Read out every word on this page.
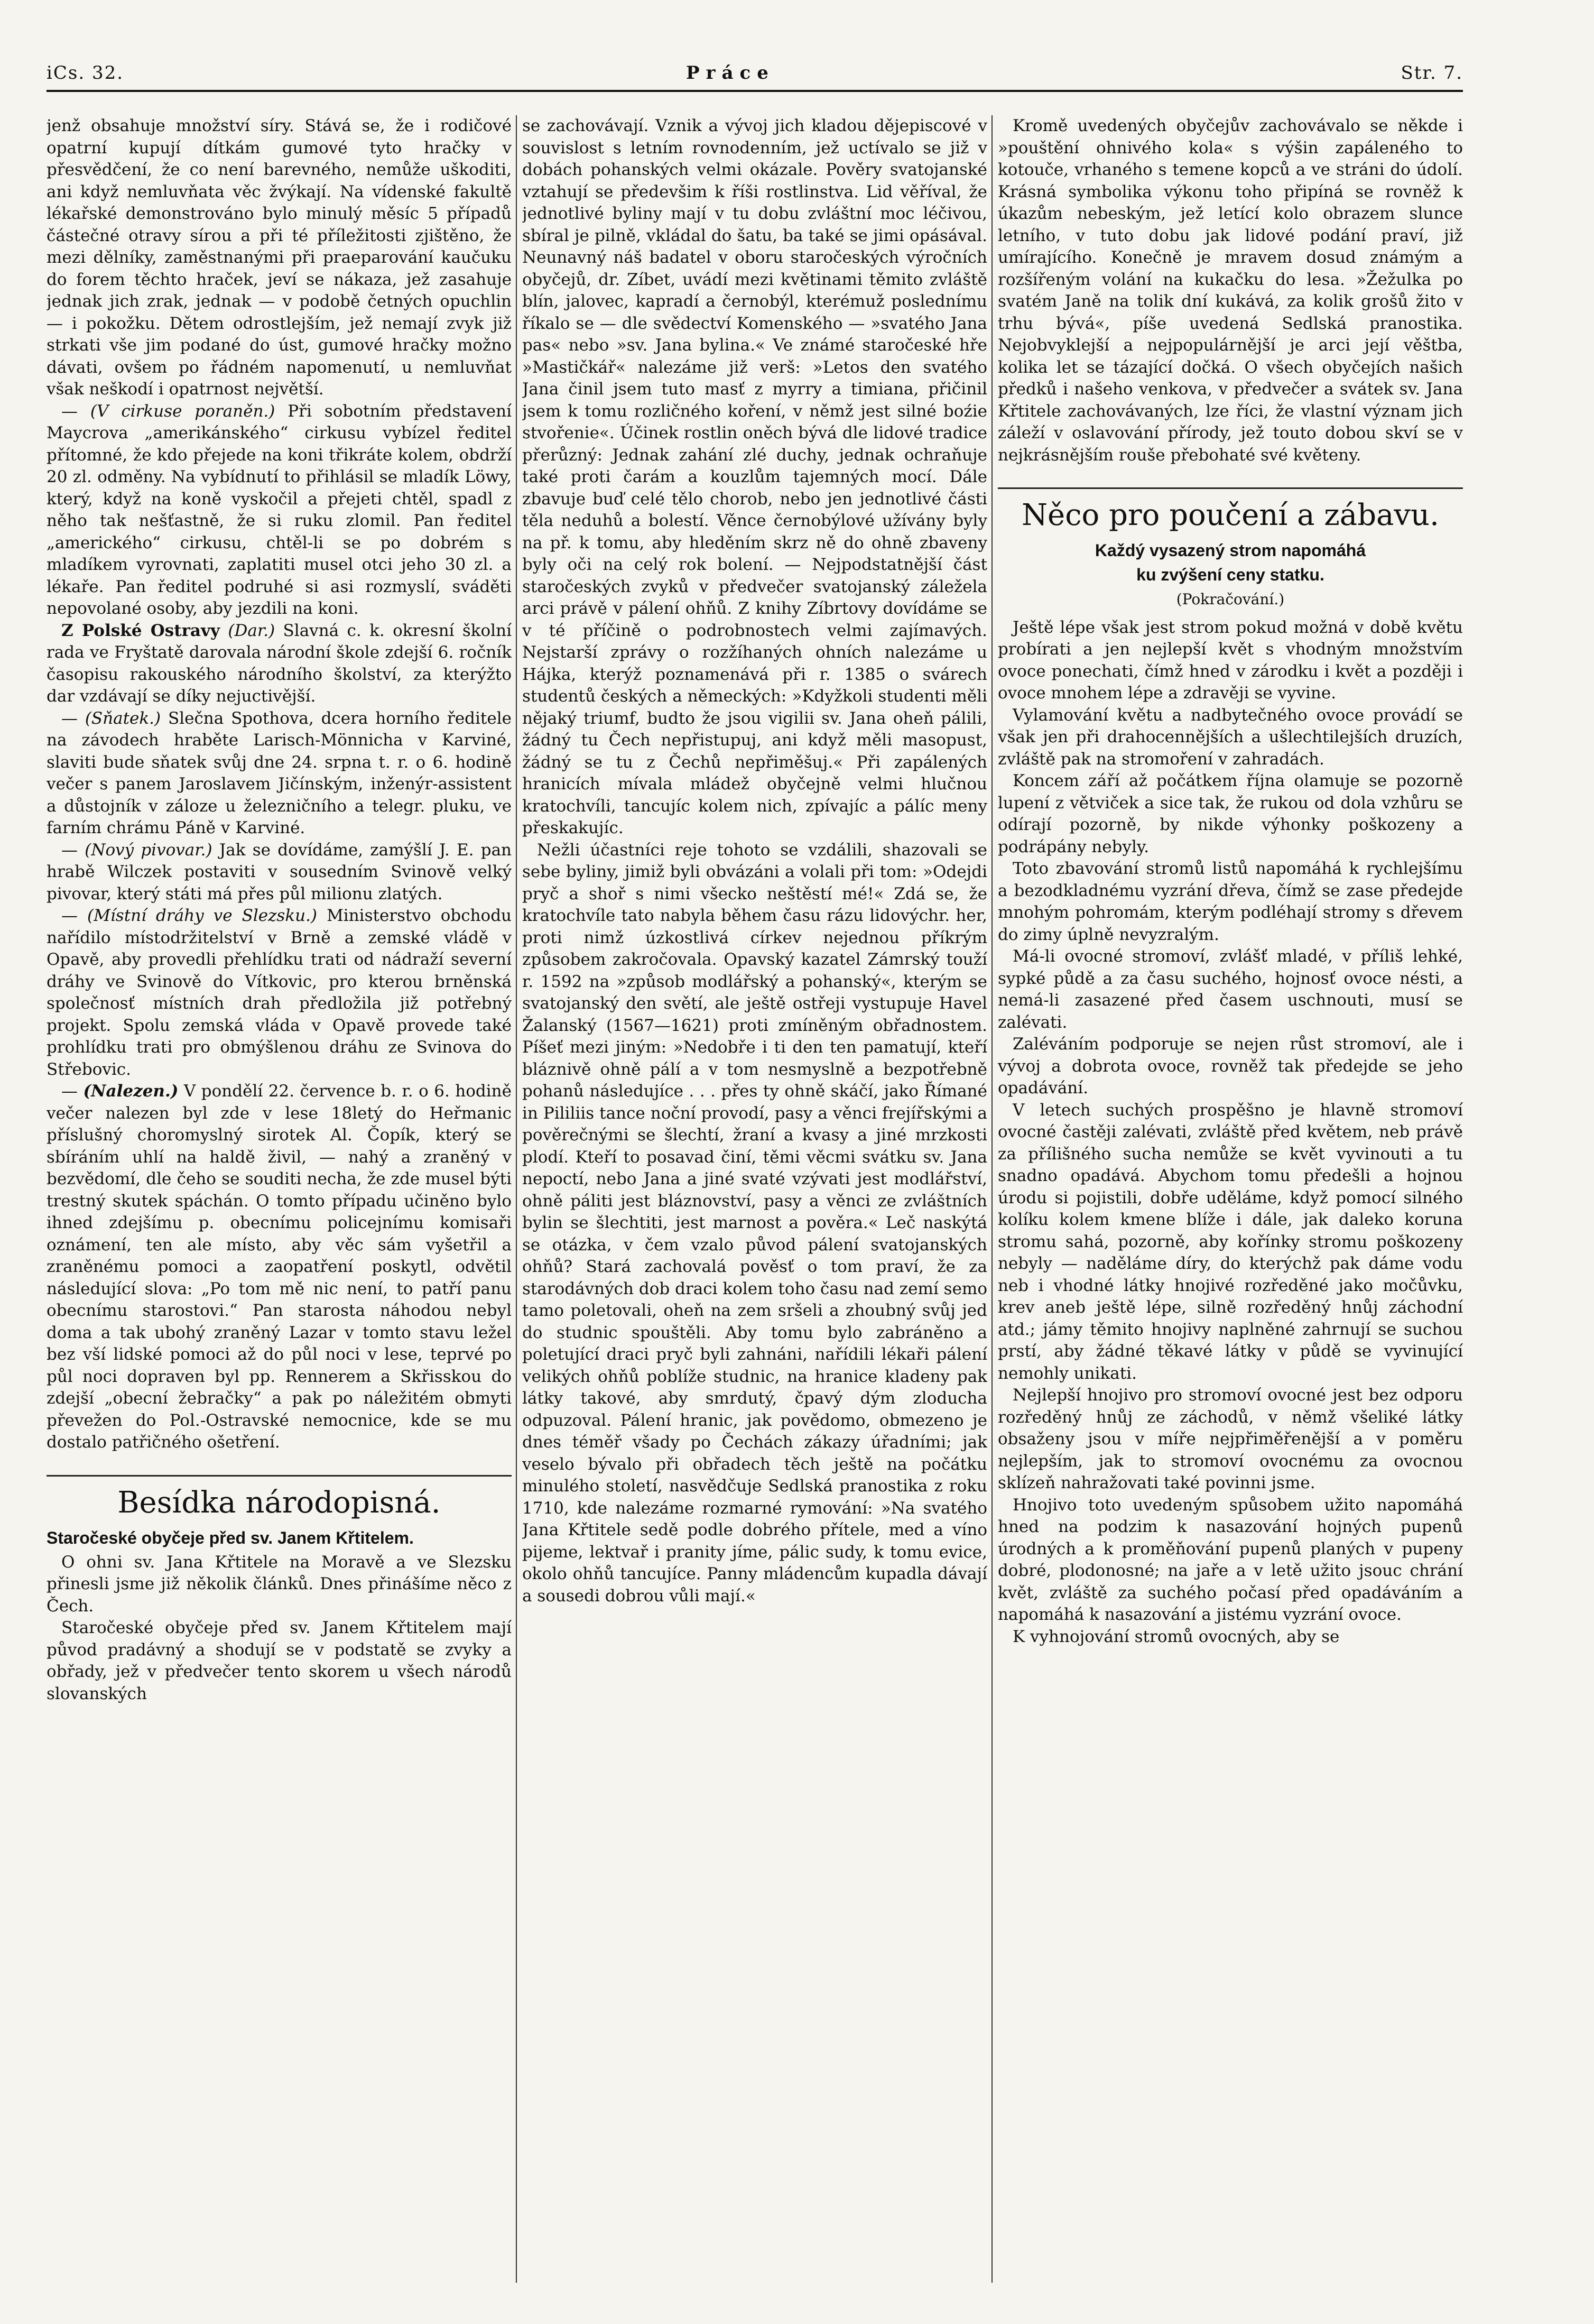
iCs. 32.	Práce	Str. 7.

jenž obsahuje množství síry. Stává se, že i rodičové opatrní kupují dítkám gumové tyto hračky v přesvědčení, že co není barevného, nemůže uškoditi, ani když nemluvňata věc žvýkají. Na vídenské fakultě lékařské demonstrováno bylo minulý měsíc 5 případů částečné otravy sírou a při té příležitosti zjištěno, že mezi dělníky, zaměstnanými při praeparování kaučuku do forem těchto hraček, jeví se nákaza, jež zasahuje jednak jich zrak, jednak — v podobě četných opuchlin — i pokožku. Dětem odrostlejším, jež nemají zvyk již strkati vše jim podané do úst, gumové hračky možno dávati, ovšem po řádném napomenutí, u nemluvňat však neškodí i opatrnost největší.

— (V cirkuse poraněn.) Při sobotním představení Maycrova „amerikánského“ cirkusu vybízel ředitel přítomné, že kdo přejede na koni třikráte kolem, obdrží 20 zl. odměny. Na vybídnutí to přihlásil se mladík Löwy, který, když na koně vyskočil a přejeti chtěl, spadl z něho tak nešťastně, že si ruku zlomil. Pan ředitel „amerického“ cirkusu, chtěl-li se po dobrém s mladíkem vyrovnati, zaplatiti musel otci jeho 30 zl. a lékaře. Pan ředitel podruhé si asi rozmyslí, sváděti nepovolané osoby, aby jezdili na koni.

Z Polské Ostravy (Dar.) Slavná c. k. okresní školní rada ve Fryštatě darovala národní škole zdejší 6. ročník časopisu rakouského národního školství, za kterýžto dar vzdávají se díky nejuctivější.

— (Sňatek.) Slečna Spothova, dcera horního ředitele na závodech hraběte Larisch-Mönnicha v Karviné, slaviti bude sňatek svůj dne 24. srpna t. r. o 6. hodině večer s panem Jaroslavem Jičínským, inženýr-assistent a důstojník v záloze u železničního a telegr. pluku, ve farním chrámu Páně v Karviné.

— (Nový pivovar.) Jak se dovídáme, zamýšlí J. E. pan hrabě Wilczek postaviti v sousedním Svinově velký pivovar, který státi má přes půl milionu zlatých.

— (Místní dráhy ve Slezsku.) Ministerstvo obchodu nařídilo místodržitelství v Brně a zemské vládě v Opavě, aby provedli přehlídku trati od nádraží severní dráhy ve Svinově do Vítkovic, pro kterou brněnská společnosť místních drah předložila již potřebný projekt. Spolu zemská vláda v Opavě provede také prohlídku trati pro obmýšlenou dráhu ze Svinova do Střebovic.

— (Nalezen.) V pondělí 22. července b. r. o 6. hodině večer nalezen byl zde v lese 18letý do Heřmanic příslušný choromyslný sirotek Al. Čopík, který se sbíráním uhlí na haldě živil, — nahý a zraněný v bezvědomí, dle čeho se souditi necha, že zde musel býti trestný skutek spáchán. O tomto případu učiněno bylo ihned zdejšímu p. obecnímu policejnímu komisaři oznámení, ten ale místo, aby věc sám vyšetřil a zraněnému pomoci a zaopatření poskytl, odvětil následující slova: „Po tom mě nic není, to patří panu obecnímu starostovi.“ Pan starosta náhodou nebyl doma a tak ubohý zraněný Lazar v tomto stavu ležel bez vší lidské pomoci až do půl noci v lese, teprvé po půl noci dopraven byl pp. Rennerem a Skřisskou do zdejší „obecní žebračky“ a pak po náležitém obmyti převežen do Pol.-Ostravské nemocnice, kde se mu dostalo patřičného ošetření.

Besídka národopisná.
Staročeské obyčeje před sv. Janem Křtitelem.

O ohni sv. Jana Křtitele na Moravě a ve Slezsku přinesli jsme již několik článků. Dnes přinášíme něco z Čech.

Staročeské obyčeje před sv. Janem Křtitelem mají původ pradávný a shodují se v podstatě se zvyky a obřady, jež v předvečer tento skorem u všech národů slovanských

se zachovávají. Vznik a vývoj jich kladou dějepiscové v souvislost s letním rovnodenním, jež uctívalo se již v dobách pohanských velmi okázale. Pověry svatojanské vztahují se předevšim k říši rostlinstva. Lid věříval, že jednotlivé byliny mají v tu dobu zvláštní moc léčivou, sbíral je pilně, vkládal do šatu, ba také se jimi opásával. Neunavný náš badatel v oboru staročeských výročních obyčejů, dr. Zíbet, uvádí mezi květinami těmito zvláště blín, jalovec, kapradí a černobýl, kterémuž poslednímu říkalo se — dle svědectví Komenského — »svatého Jana pas« nebo »sv. Jana bylina.« Ve známé staročeské hře »Mastičkář« nalezáme již verš: »Letos den svatého Jana činil jsem tuto masť z myrry a timiana, přičinil jsem k tomu rozličného koření, v němž jest silné boźie stvořenie«. Účinek rostlin oněch bývá dle lidové tradice přerůzný: Jednak zahání zlé duchy, jednak ochraňuje také proti čarám a kouzlům tajemných mocí. Dále zbavuje buď celé tělo chorob, nebo jen jednotlivé části těla neduhů a bolestí. Věnce černobýlové užívány byly na př. k tomu, aby hleděním skrz ně do ohně zbaveny byly oči na celý rok bolení. — Nejpodstatnější část staročeských zvyků v předvečer svatojanský záležela arci právě v pálení ohňů. Z knihy Zíbrtovy dovídáme se v té příčině o podrobnostech velmi zajímavých. Nejstarší zprávy o rozžíhaných ohních nalezáme u Hájka, kterýž poznamenává při r. 1385 o svárech studentů českých a německých: »Kdyžkoli studenti měli nějaký triumf, budto že jsou vigilii sv. Jana oheň pálili, žádný tu Čech nepřistupuj, ani když měli masopust, žádný se tu z Čechů nepřiměšuj.« Při zapálených hranicích mívala mládež obyčejně velmi hlučnou kratochvíli, tancujíc kolem nich, zpívajíc a pálíc meny přeskakujíc.

Nežli účastníci reje tohoto se vzdálili, shazovali se sebe byliny, jimiž byli obvázáni a volali při tom: »Odejdi pryč a shoř s nimi všecko neštěstí mé!« Zdá se, že kratochvíle tato nabyla během času rázu lidovýchr. her, proti nimž úzkostlivá církev nejednou příkrým způsobem zakročovala. Opavský kazatel Zámrský touží r. 1592 na »způsob modlářský a pohanský«, kterým se svatojanský den světí, ale ještě ostřeji vystupuje Havel Žalanský (1567—1621) proti zmíněným obřadnostem. Píšeť mezi jiným: »Nedobře i ti den ten pamatují, kteří bláznivě ohně pálí a v tom nesmyslně a bezpotřebně pohanů následujíce . . . přes ty ohně skáčí, jako Římané in Pililiis tance noční provodí, pasy a věnci frejířskými a pověrečnými se šlechtí, žraní a kvasy a jiné mrzkosti plodí. Kteří to posavad činí, těmi věcmi svátku sv. Jana nepoctí, nebo Jana a jiné svaté vzývati jest modlářství, ohně páliti jest bláznovství, pasy a věnci ze zvláštních bylin se šlechtiti, jest marnost a pověra.« Leč naskýtá se otázka, v čem vzalo původ pálení svatojanských ohňů? Stará zachovalá pověsť o tom praví, že za starodávných dob draci kolem toho času nad zemí semo tamo poletovali, oheň na zem sršeli a zhoubný svůj jed do studnic spouštěli. Aby tomu bylo zabráněno a poletující draci pryč byli zahnáni, nařídili lékaři pálení velikých ohňů poblíže studnic, na hranice kladeny pak látky takové, aby smrdutý, čpavý dým zloducha odpuzoval. Pálení hranic, jak povědomo, obmezeno je dnes téměř všady po Čechách zákazy úřadními; jak veselo bývalo při obřadech těch ještě na počátku minulého století, nasvědčuje Sedlská pranostika z roku 1710, kde nalezáme rozmarné rymování: »Na svatého Jana Křtitele sedě podle dobrého přítele, med a víno pijeme, lektvař i pranity jíme, pálic sudy, k tomu evice, okolo ohňů tancujíce. Panny mládencům kupadla dávají a sousedi dobrou vůli mají.«

Kromě uvedených obyčejův zachovávalo se někde i »pouštění ohnivého kola« s výšin zapáleného to kotouče, vrhaného s temene kopců a ve stráni do údolí. Krásná symbolika výkonu toho připíná se rovněž k úkazům nebeským, jež letící kolo obrazem slunce letního, v tuto dobu jak lidové podání praví, již umírajícího. Konečně je mravem dosud známým a rozšířeným volání na kukačku do lesa. »Žežulka po svatém Janě na tolik dní kukává, za kolik grošů žito v trhu bývá«, píše uvedená Sedlská pranostika. Nejobvyklejší a nejpopulárnější je arci její věštba, kolika let se tázající dočká. O všech obyčejích našich předků i našeho venkova, v předvečer a svátek sv. Jana Křtitele zachovávaných, lze říci, že vlastní význam jich záleží v oslavování přírody, jež touto dobou skví se v nejkrásnějším rouše přebohaté své květeny.

Něco pro poučení a zábavu.
Každý vysazený strom napomáhá
ku zvýšení ceny statku.
(Pokračování.)

Ještě lépe však jest strom pokud možná v době květu probírati a jen nejlepší květ s vhodným množstvím ovoce ponechati, čímž hned v zárodku i květ a později i ovoce mnohem lépe a zdravěji se vyvine.

Vylamování květu a nadbytečného ovoce provádí se však jen při drahocennějších a ušlechtilejších druzích, zvláště pak na stromoření v zahradách.

Koncem září až počátkem října olamuje se pozorně lupení z větviček a sice tak, že rukou od dola vzhůru se odírají pozorně, by nikde výhonky poškozeny a podrápány nebyly.

Toto zbavování stromů listů napomáhá k rychlejšímu a bezodkladnému vyzrání dřeva, čímž se zase předejde mnohým pohromám, kterým podléhají stromy s dřevem do zimy úplně nevyzralým.

Má-li ovocné stromoví, zvlášť mladé, v příliš lehké, sypké půdě a za času suchého, hojnosť ovoce nésti, a nemá-li zasazené před časem uschnouti, musí se zalévati.

Zaléváním podporuje se nejen růst stromoví, ale i vývoj a dobrota ovoce, rovněž tak předejde se jeho opadávání.

V letech suchých prospěšno je hlavně stromoví ovocné častěji zalévati, zvláště před květem, neb právě za přílišného sucha nemůže se květ vyvinouti a tu snadno opadává. Abychom tomu předešli a hojnou úrodu si pojistili, dobře uděláme, když pomocí silného kolíku kolem kmene blíže i dále, jak daleko koruna stromu sahá, pozorně, aby kořínky stromu poškozeny nebyly — naděláme díry, do kterýchž pak dáme vodu neb i vhodné látky hnojivé rozředěné jako močůvku, krev aneb ještě lépe, silně rozředěný hnůj záchodní atd.; jámy těmito hnojivy naplněné zahrnují se suchou prstí, aby žádné těkavé látky v půdě se vyvinující nemohly unikati.

Nejlepší hnojivo pro stromoví ovocné jest bez odporu rozředěný hnůj ze záchodů, v němž všeliké látky obsaženy jsou v míře nejpřiměřenější a v poměru nejlepším, jak to stromoví ovocnému za ovocnou sklízeň nahražovati také povinni jsme.

Hnojivo toto uvedeným spůsobem užito napomáhá hned na podzim k nasazování hojných pupenů úrodných a k proměňování pupenů planých v pupeny dobré, plodonosné; na jaře a v letě užito jsouc chrání květ, zvláště za suchého počasí před opadáváním a napomáhá k nasazování a jistému vyzrání ovoce.

K vyhnojování stromů ovocných, aby se
